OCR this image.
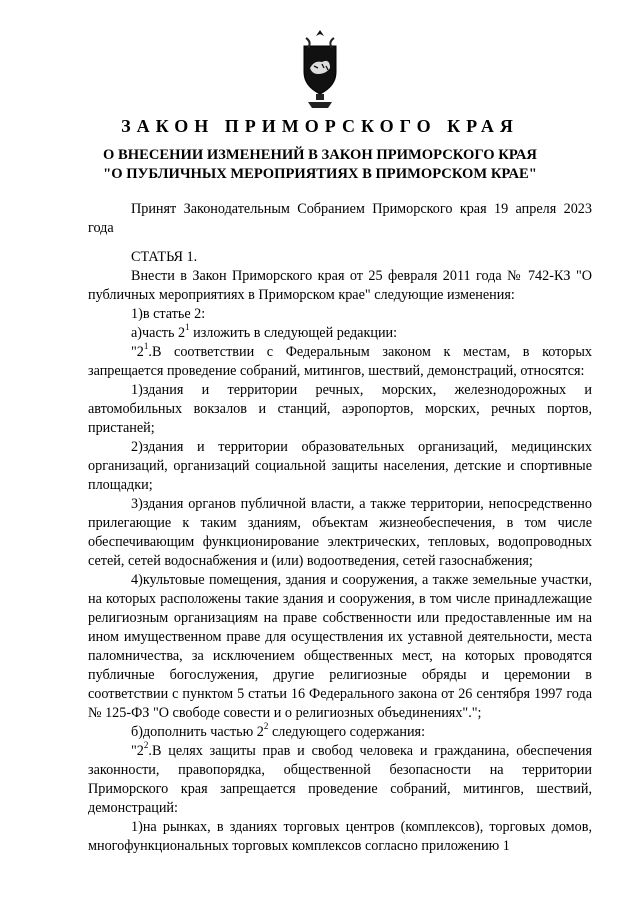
ЗАКОН ПРИМОРСКОГО КРАЯ
О ВНЕСЕНИИ ИЗМЕНЕНИЙ В ЗАКОН ПРИМОРСКОГО КРАЯ
"О ПУБЛИЧНЫХ МЕРОПРИЯТИЯХ В ПРИМОРСКОМ КРАЕ"

Принят Законодательным Собранием Приморского края 19 апреля 2023 года

СТАТЬЯ 1.

Внести в Закон Приморского края от 25 февраля 2011 года № 742-КЗ "О публичных мероприятиях в Приморском крае" следующие изменения:

1)в статье 2:

а)часть $2^1$ изложить в следующей редакции:

"$2^1.В$ соответствии с Федеральным законом к местам, в которых запрещается проведение собраний, митингов, шествий, демонстраций, относятся:

1)здания и территории речных, морских, железнодорожных и автомобильных вокзалов и станций, аэропортов, морских, речных портов, пристаней;

2)здания и территории образовательных организаций, медицинских организаций, организаций социальной защиты населения, детские и спортивные площадки;

3)здания органов публичной власти, а также территории, непосредственно прилегающие к таким зданиям, объектам жизнеобеспечения, в том числе обеспечивающим функционирование электрических, тепловых, водопроводных сетей, сетей водоснабжения и (или) водоотведения, сетей газоснабжения;

4)культовые помещения, здания и сооружения, а также земельные участки, на которых расположены такие здания и сооружения, в том числе принадлежащие религиозным организациям на праве собственности или предоставленные им на ином имущественном праве для осуществления их уставной деятельности, места паломничества, за исключением общественных мест, на которых проводятся публичные богослужения, другие религиозные обряды и церемонии в соответствии с пунктом 5 статьи 16 Федерального закона от 26 сентября 1997 года № 125-ФЗ "О свободе совести и о религиозных объединениях".";

б)дополнить частью $2^2$ следующего содержания:

"$2^2.В$ целях защиты прав и свобод человека и гражданина, обеспечения законности, правопорядка, общественной безопасности на территории Приморского края запрещается проведение собраний, митингов, шествий, демонстраций:

1)на рынках, в зданиях торговых центров (комплексов), торговых домов, многофункциональных торговых комплексов согласно приложению 1
